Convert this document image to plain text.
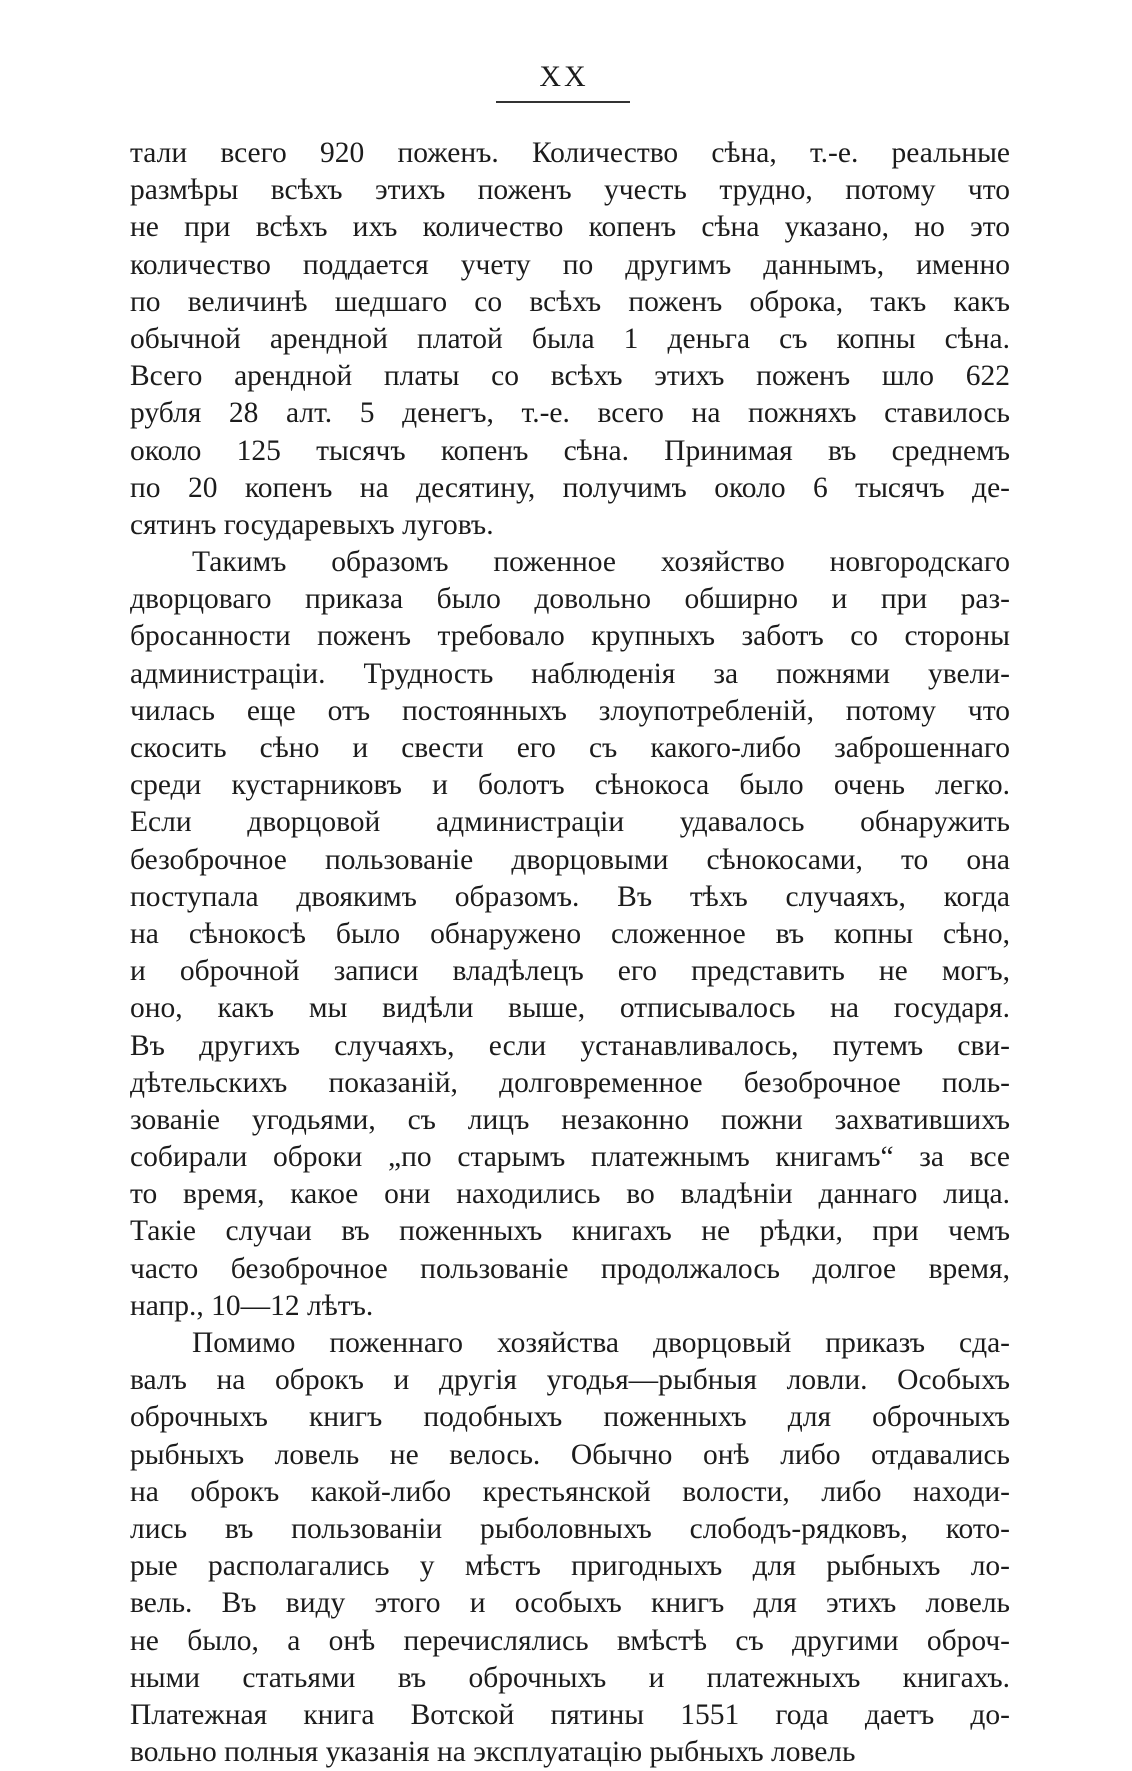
XX
тали всего 920 поженъ. Количество сѣна, т.-е. реальные
размѣры всѣхъ этихъ поженъ учесть трудно, потому что
не при всѣхъ ихъ количество копенъ сѣна указано, но это
количество поддается учету по другимъ даннымъ, именно
по величинѣ шедшаго со всѣхъ поженъ оброка, такъ какъ
обычной арендной платой была 1 деньга съ копны сѣна.
Всего арендной платы со всѣхъ этихъ поженъ шло 622
рубля 28 алт. 5 денегъ, т.-е. всего на пожняхъ ставилось
около 125 тысячъ копенъ сѣна. Принимая въ среднемъ
по 20 копенъ на десятину, получимъ около 6 тысячъ де-
сятинъ государевыхъ луговъ.
Такимъ образомъ поженное хозяйство новгородскаго
дворцоваго приказа было довольно обширно и при раз-
бросанности поженъ требовало крупныхъ заботъ со стороны
администраціи. Трудность наблюденія за пожнями увели-
чилась еще отъ постоянныхъ злоупотребленій, потому что
скосить сѣно и свести его съ какого-либо заброшеннаго
среди кустарниковъ и болотъ сѣнокоса было очень легко.
Если дворцовой администраціи удавалось обнаружить
безоброчное пользованіе дворцовыми сѣнокосами, то она
поступала двоякимъ образомъ. Въ тѣхъ случаяхъ, когда
на сѣнокосѣ было обнаружено сложенное въ копны сѣно,
и оброчной записи владѣлецъ его представить не могъ,
оно, какъ мы видѣли выше, отписывалось на государя.
Въ другихъ случаяхъ, если устанавливалось, путемъ сви-
дѣтельскихъ показаній, долговременное безоброчное поль-
зованіе угодьями, съ лицъ незаконно пожни захватившихъ
собирали оброки „по старымъ платежнымъ книгамъ“ за все
то время, какое они находились во владѣніи даннаго лица.
Такіе случаи въ поженныхъ книгахъ не рѣдки, при чемъ
часто безоброчное пользованіе продолжалось долгое время,
напр., 10—12 лѣтъ.
Помимо поженнаго хозяйства дворцовый приказъ сда-
валъ на оброкъ и другія угодья—рыбныя ловли. Особыхъ
оброчныхъ книгъ подобныхъ поженныхъ для оброчныхъ
рыбныхъ ловель не велось. Обычно онѣ либо отдавались
на оброкъ какой-либо крестьянской волости, либо находи-
лись въ пользованіи рыболовныхъ слободъ-рядковъ, кото-
рые располагались у мѣстъ пригодныхъ для рыбныхъ ло-
вель. Въ виду этого и особыхъ книгъ для этихъ ловель
не было, а онѣ перечислялись вмѣстѣ съ другими оброч-
ными статьями въ оброчныхъ и платежныхъ книгахъ.
Платежная книга Вотской пятины 1551 года даетъ до-
вольно полныя указанія на эксплуатацію рыбныхъ ловель
